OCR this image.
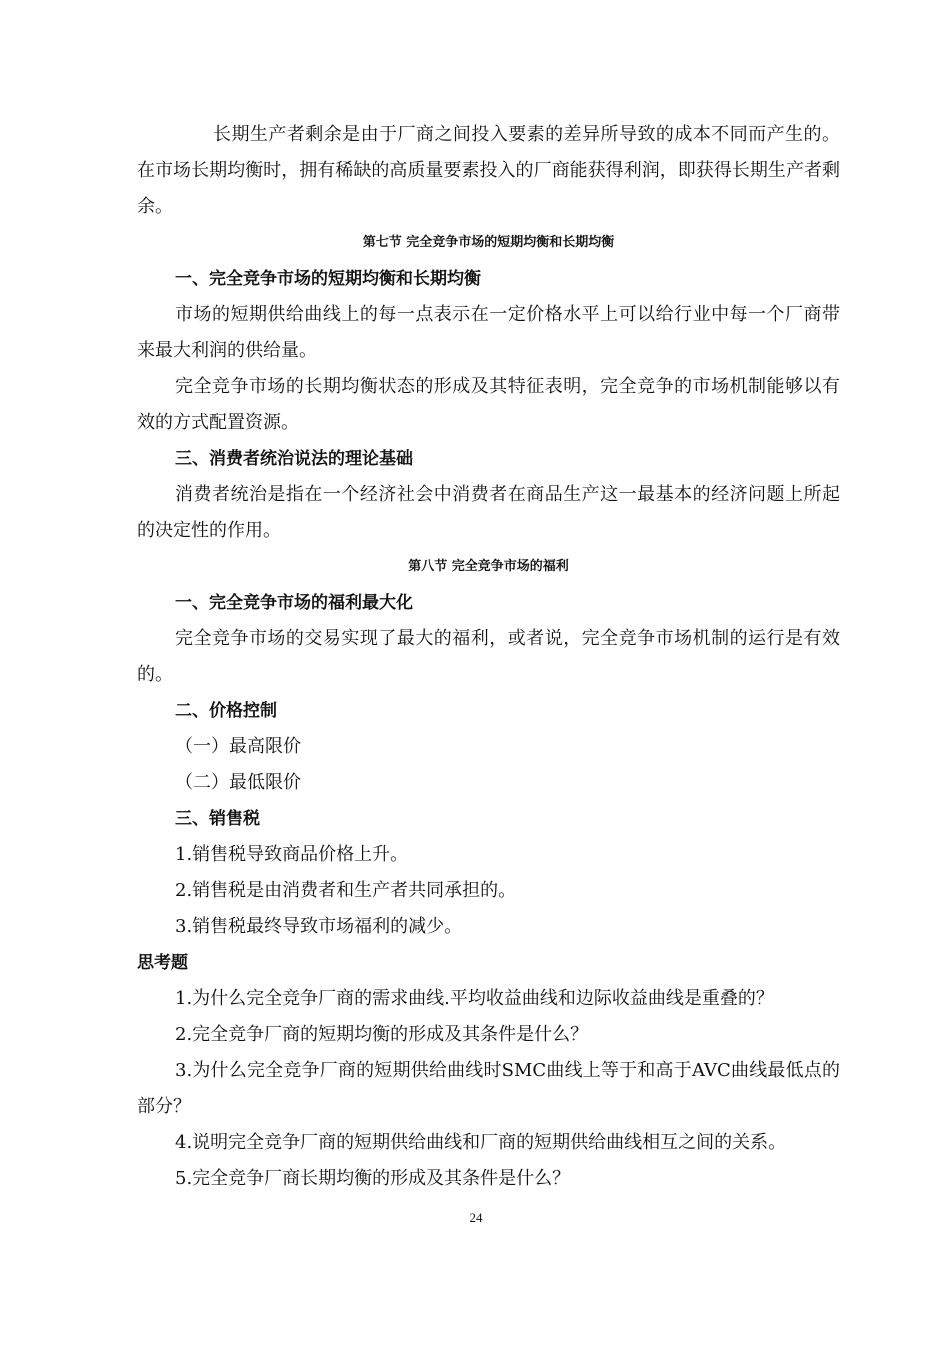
长期生产者剩余是由于厂商之间投入要素的差异所导致的成本不同而产生的。在市场长期均衡时，拥有稀缺的高质量要素投入的厂商能获得利润，即获得长期生产者剩余。

第七节 完全竞争市场的短期均衡和长期均衡

一、完全竞争市场的短期均衡和长期均衡

市场的短期供给曲线上的每一点表示在一定价格水平上可以给行业中每一个厂商带来最大利润的供给量。

完全竞争市场的长期均衡状态的形成及其特征表明，完全竞争的市场机制能够以有效的方式配置资源。

三、消费者统治说法的理论基础

消费者统治是指在一个经济社会中消费者在商品生产这一最基本的经济问题上所起的决定性的作用。

第八节 完全竞争市场的福利

一、完全竞争市场的福利最大化

完全竞争市场的交易实现了最大的福利，或者说，完全竞争市场机制的运行是有效的。

二、价格控制

（一）最高限价

（二）最低限价

三、销售税

1.销售税导致商品价格上升。

2.销售税是由消费者和生产者共同承担的。

3.销售税最终导致市场福利的减少。

思考题

1.为什么完全竞争厂商的需求曲线.平均收益曲线和边际收益曲线是重叠的？

2.完全竞争厂商的短期均衡的形成及其条件是什么？

3.为什么完全竞争厂商的短期供给曲线时SMC曲线上等于和高于AVC曲线最低点的部分？

4.说明完全竞争厂商的短期供给曲线和厂商的短期供给曲线相互之间的关系。

5.完全竞争厂商长期均衡的形成及其条件是什么？

24
